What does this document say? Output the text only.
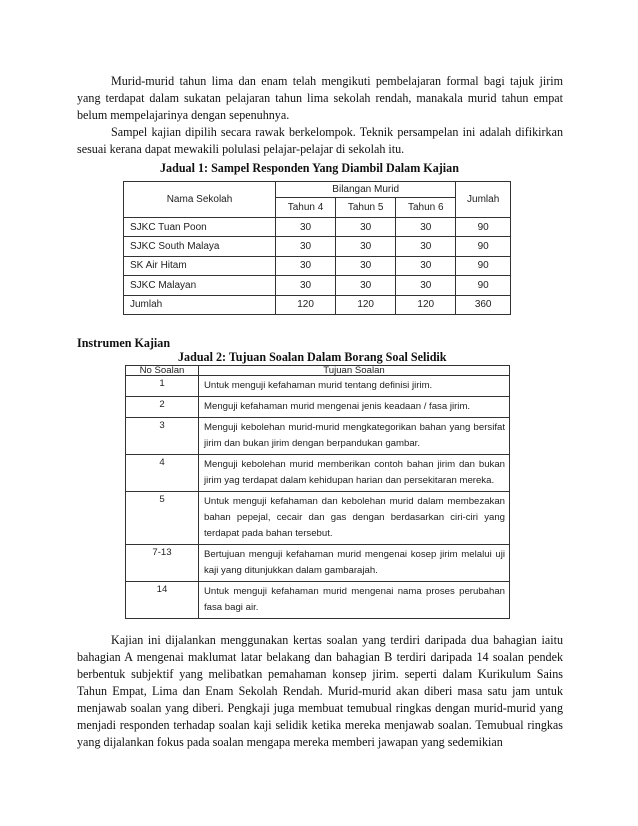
Murid-murid tahun lima dan enam telah mengikuti pembelajaran formal bagi tajuk jirim yang terdapat dalam sukatan pelajaran tahun lima sekolah rendah, manakala murid tahun empat belum mempelajarinya dengan sepenuhnya.

Sampel kajian dipilih secara rawak berkelompok. Teknik persampelan ini adalah difikirkan sesuai kerana dapat mewakili polulasi pelajar-pelajar di sekolah itu.

Jadual 1: Sampel Responden Yang Diambil Dalam Kajian
Nama Sekolah	Bilangan Murid			Jumlah
	Tahun 4	Tahun 5	Tahun 6	
SJKC Tuan Poon	30	30	30	90
SJKC South Malaya	30	30	30	90
SK Air Hitam	30	30	30	90
SJKC Malayan	30	30	30	90
Jumlah	120	120	120	360
Instrumen Kajian
Jadual 2: Tujuan Soalan Dalam Borang Soal Selidik
No Soalan	Tujuan Soalan
1	Untuk menguji kefahaman murid tentang definisi jirim.
2	Menguji kefahaman murid mengenai jenis keadaan / fasa jirim.
3	Menguji kebolehan murid-murid mengkategorikan bahan yang bersifat jirim dan bukan jirim dengan berpandukan gambar.
4	Menguji kebolehan murid memberikan contoh bahan jirim dan bukan jirim yag terdapat dalam kehidupan harian dan persekitaran mereka.
5	Untuk menguji kefahaman dan kebolehan murid dalam membezakan bahan pepejal, cecair dan gas dengan berdasarkan ciri-ciri yang terdapat pada bahan tersebut.
7-13	Bertujuan menguji kefahaman murid mengenai kosep jirim melalui uji kaji yang ditunjukkan dalam gambarajah.
14	Untuk menguji kefahaman murid mengenai nama proses perubahan fasa bagi air.

Kajian ini dijalankan menggunakan kertas soalan yang terdiri daripada dua bahagian iaitu bahagian A mengenai maklumat latar belakang dan bahagian B terdiri daripada 14 soalan pendek berbentuk subjektif yang melibatkan pemahaman konsep jirim. seperti dalam Kurikulum Sains Tahun Empat, Lima dan Enam Sekolah Rendah. Murid-murid akan diberi masa satu jam untuk menjawab soalan yang diberi. Pengkaji juga membuat temubual ringkas dengan murid-murid yang menjadi responden terhadap soalan kaji selidik ketika mereka menjawab soalan. Temubual ringkas yang dijalankan fokus pada soalan mengapa mereka memberi jawapan yang sedemikian
